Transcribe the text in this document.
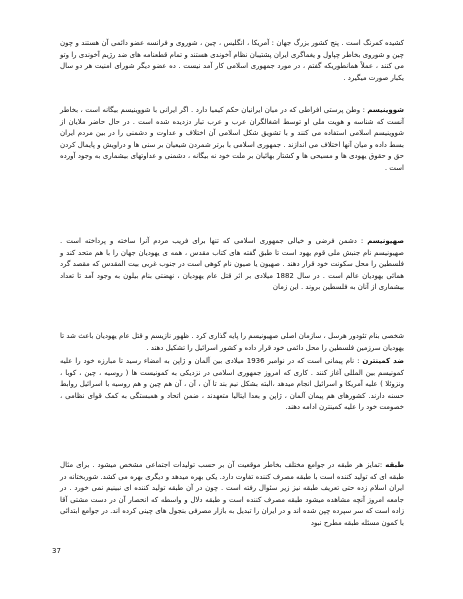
کشیده کمرنگ است . پنج کشور بزرگ جهان : آمریکا ، انگلیس ، چین ، شوروی و فرانسه عضو دائمی آن هستند و چون چین و شوروی بخاطر چپاول و یغماگری ایران پشتیبان نظام آخوندی هستند و تمام قطعنامه های ضد رژیم آخوندی را وتو می کنند ، عملاً همانطوریکه گفتم ، در مورد جمهوری اسلامی کار آمد نیست . ده عضو دیگر شورای امنیت هر دو سال یکبار صورت میگیرد .

شووینیسم : وطن پرستی افراطی که در میان ایرانیان حکم کیمیا دارد . اگر ایرانی با شووینیسم بیگانه است ، بخاطر آنست که شناسه و هویت ملی او توسط اشغالگران عرب و عرب تبار دزدیده شده است . در حال حاضر ملایان از شووینیسم اسلامی استفاده می کنند و با تشویق شکل اسلامی آن اختلاف و عداوت و دشمنی را در بین مردم ایران بسط داده و میان آنها اختلاف می اندازند . جمهوری اسلامی با برتر شمردن شیعیان بر سنی ها و دراویش و پایمال کردن حق و حقوق یهودی ها و مسیحی ها و کشتار بهائیان بر ملت خود نه بیگانه ، دشمنی و عداوتهای بیشماری به وجود آورده است .

صهیونیسم : دشمن فرضی و خیالی جمهوری اسلامی که تنها برای فریب مردم آنرا ساخته و پرداخته است . صهیونیسم نام جنبش ملی قوم یهود است تا طبق گفته های کتاب مقدس ، همه ی یهودیان جهان را با هم متحد کند و فلسطین را محل سکونت خود قرار دهند . صهیون یا صیون نام کوهی است در جنوب غربی بیت المقدس که مقصد گرد همائی یهودیان عالم است . در سال 1882 میلادی بر اثر قتل عام یهودیان ، نهضتی بنام بیلون به وجود آمد تا تعداد بیشماری از آنان به فلسطین بروند . این زمان

شخصی بنام تئودور هرسل ، سازمان اصلی صهیونیسم را پایه گذاری کرد . ظهور نازیسم و قتل عام یهودیان باعث شد تا یهودیان سرزمین فلسطین را محل دائمی خود قرار داده و کشور اسرائیل را تشکیل دهند .

ضد کمینترن : نام پیمانی است که در نوامبر 1936 میلادی بین آلمان و ژاپن به امضاء رسید تا مبارزه خود را علیه کمونیسم بین المللی آغاز کنند . کاری که امروز جمهوری اسلامی در نزدیکی به کمونیست ها ( روسیه ، چین ، کوبا ، ونزوئلا ) علیه آمریکا و اسرائیل انجام میدهد ،البته بشکل نیم بند تا آن ، آن ، آن هم چین و هم روسیه با اسرائیل روابط حسنه دارند. کشورهای هم پیمان آلمان ، ژاپن و بعدا ایتالیا متعهدند ، ضمن اتحاد و همبستگی به کمک قوای نظامی ، خصومت خود را علیه کمینترن ادامه دهند.

طبقه :تمایز هر طبقه در جوامع مختلف بخاطر موقعیت آن بر حسب تولیدات اجتماعی مشخص میشود . برای مثال طبقه ای که تولید کننده است با طبقه مصرف کننده تفاوت دارد. یکی بهره میدهد و دیگری بهره می کشد. شوربختانه در ایران اسلام زده حتی تعریف طبقه نیز زیر سئوال رفته است . چون در آن طبقه تولید کننده ای نبینیم نمی خورد . در جامعه امروز آنچه مشاهده میشود طبقه مصرف کننده است و طبقه دلال و واسطه که انحصار آن در دست مشتی آقا زاده است که سر سپرده چپن شده اند و در ایران را تبدیل به بازار مصرفی بنجول های چینی کرده اند. در جوامع ابتدائی با کمون مسئله طبقه مطرح نبود

37
